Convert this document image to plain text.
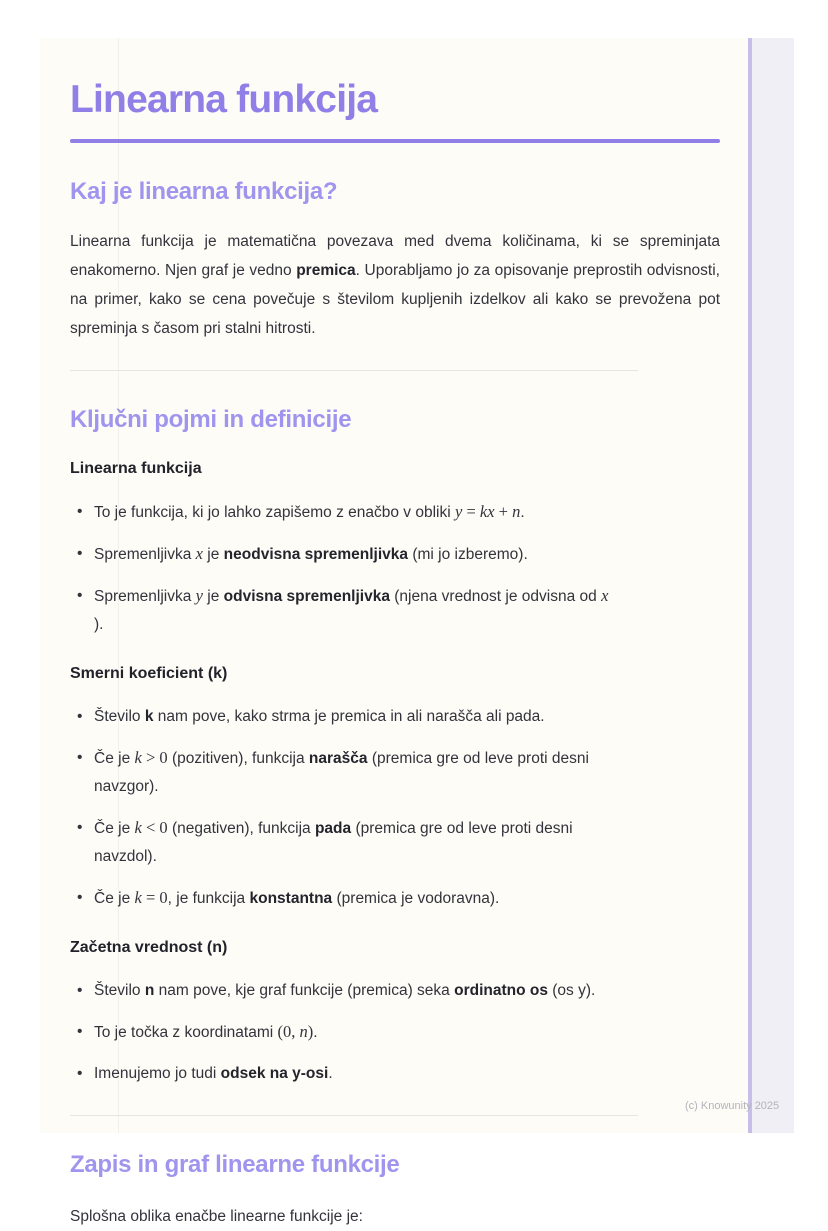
Linearna funkcija
Kaj je linearna funkcija?

Linearna funkcija je matematična povezava med dvema količinama, ki se spreminjata enakomerno. Njen graf je vedno premica. Uporabljamo jo za opisovanje preprostih odvisnosti, na primer, kako se cena povečuje s številom kupljenih izdelkov ali kako se prevožena pot spreminja s časom pri stalni hitrosti.

Ključni pojmi in definicije
Linearna funkcija
• To je funkcija, ki jo lahko zapišemo z enačbo v obliki y = kx + n.
• Spremenljivka x je neodvisna spremenljivka (mi jo izberemo).
• Spremenljivka y je odvisna spremenljivka (njena vrednost je odvisna od x
).
Smerni koeficient (k)
• Število k nam pove, kako strma je premica in ali narašča ali pada.
• Če je k > 0 (pozitiven), funkcija narašča (premica gre od leve proti desni
navzgor).
• Če je k < 0 (negativen), funkcija pada (premica gre od leve proti desni
navzdol).
• Če je k = 0, je funkcija konstantna (premica je vodoravna).
Začetna vrednost (n)
• Število n nam pove, kje graf funkcije (premica) seka ordinatno os (os y).
• To je točka z koordinatami (0, n).
• Imenujemo jo tudi odsek na y-osi.
Zapis in graf linearne funkcije

Splošna oblika enačbe linearne funkcije je:

(c) Knowunity 2025
